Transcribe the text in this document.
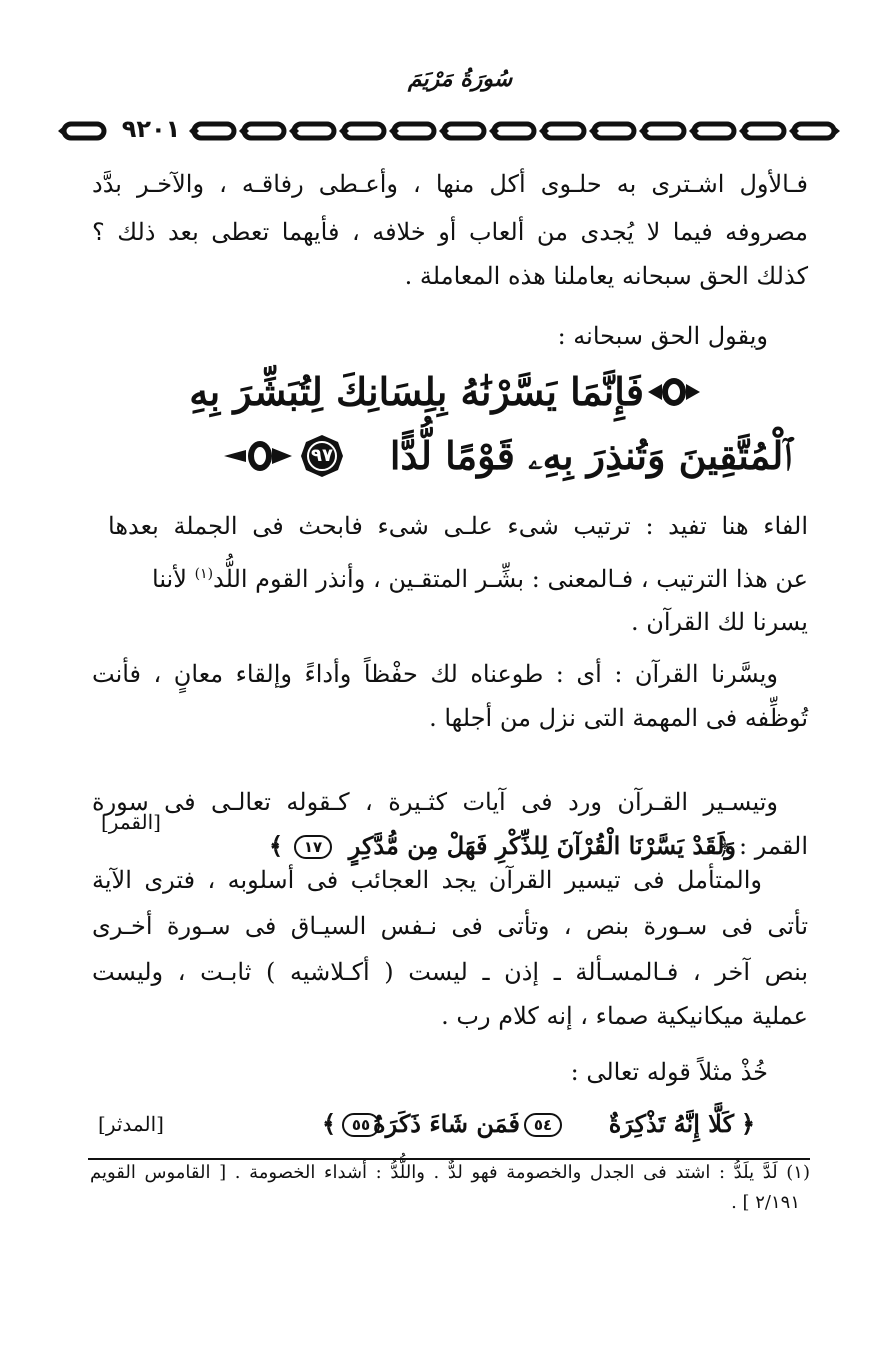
سُورَةُ مَرْيَمَ
٩٢٠١
فـالأول اشـترى به حلـوى أكل منها ، وأعـطى رفاقـه ، والآخـر بدَّد
مصروفه فيما لا يُجدى من ألعاب أو خلافه ، فأيهما تعطى بعد ذلك ؟
كذلك الحق سبحانه يعاملنا هذه المعاملة .
ويقول الحق سبحانه :
فَإِنَّمَا يَسَّرْنَٰهُ بِلِسَانِكَ لِتُبَشِّرَ بِهِ
ٱلْمُتَّقِينَ وَتُنذِرَ بِهِۦ قَوْمًا لُّدًّا
٩٧
الفاء هنا تفيد : ترتيب شىء علـى شىء فابحث فى الجملة بعدها
عن هذا الترتيب ، فـالمعنى : بشِّـر المتقـين ، وأنذر القوم اللُّد$^{(١)}$ لأننا
يسرنا لك القرآن .
ويسَّرنا القرآن : أى : طوعناه لك حفْظاً وأداءً وإلقاء معانٍ ، فأنت
تُوظِّفه فى المهمة التى نزل من أجلها .
وتيسـير القـرآن ورد فى آيات كثـيرة ، كـقوله تعالـى فى سورة
القمر : ﴿
وَلَقَدْ يَسَّرْنَا الْقُرْآنَ لِلذِّكْرِ فَهَلْ مِن مُّدَّكِرٍ
١٧
﴾
[القمر]
والمتأمل فى تيسير القرآن يجد العجائب فى أسلوبه ، فترى الآية
تأتى فى سـورة بنص ، وتأتى فى نـفس السيـاق فى سـورة أخـرى
بنص آخر ، فـالمسـألة ـ إذن ـ ليست ( أكـلاشيه ) ثابـت ، وليست
عملية ميكانيكية صماء ، إنه كلام رب .
خُذْ مثلاً قوله تعالى :
﴿
كَلَّا إِنَّهُ تَذْكِرَةٌ
٥٤
فَمَن شَاءَ ذَكَرَهُ
٥٥
﴾
[المدثر]
(١) لَدَّ يلَدُّ : اشتد فى الجدل والخصومة فهو لدٌّ . واللُّدُّ : أشداء الخصومة . [ القاموس القويم
٢/١٩١ ] .
